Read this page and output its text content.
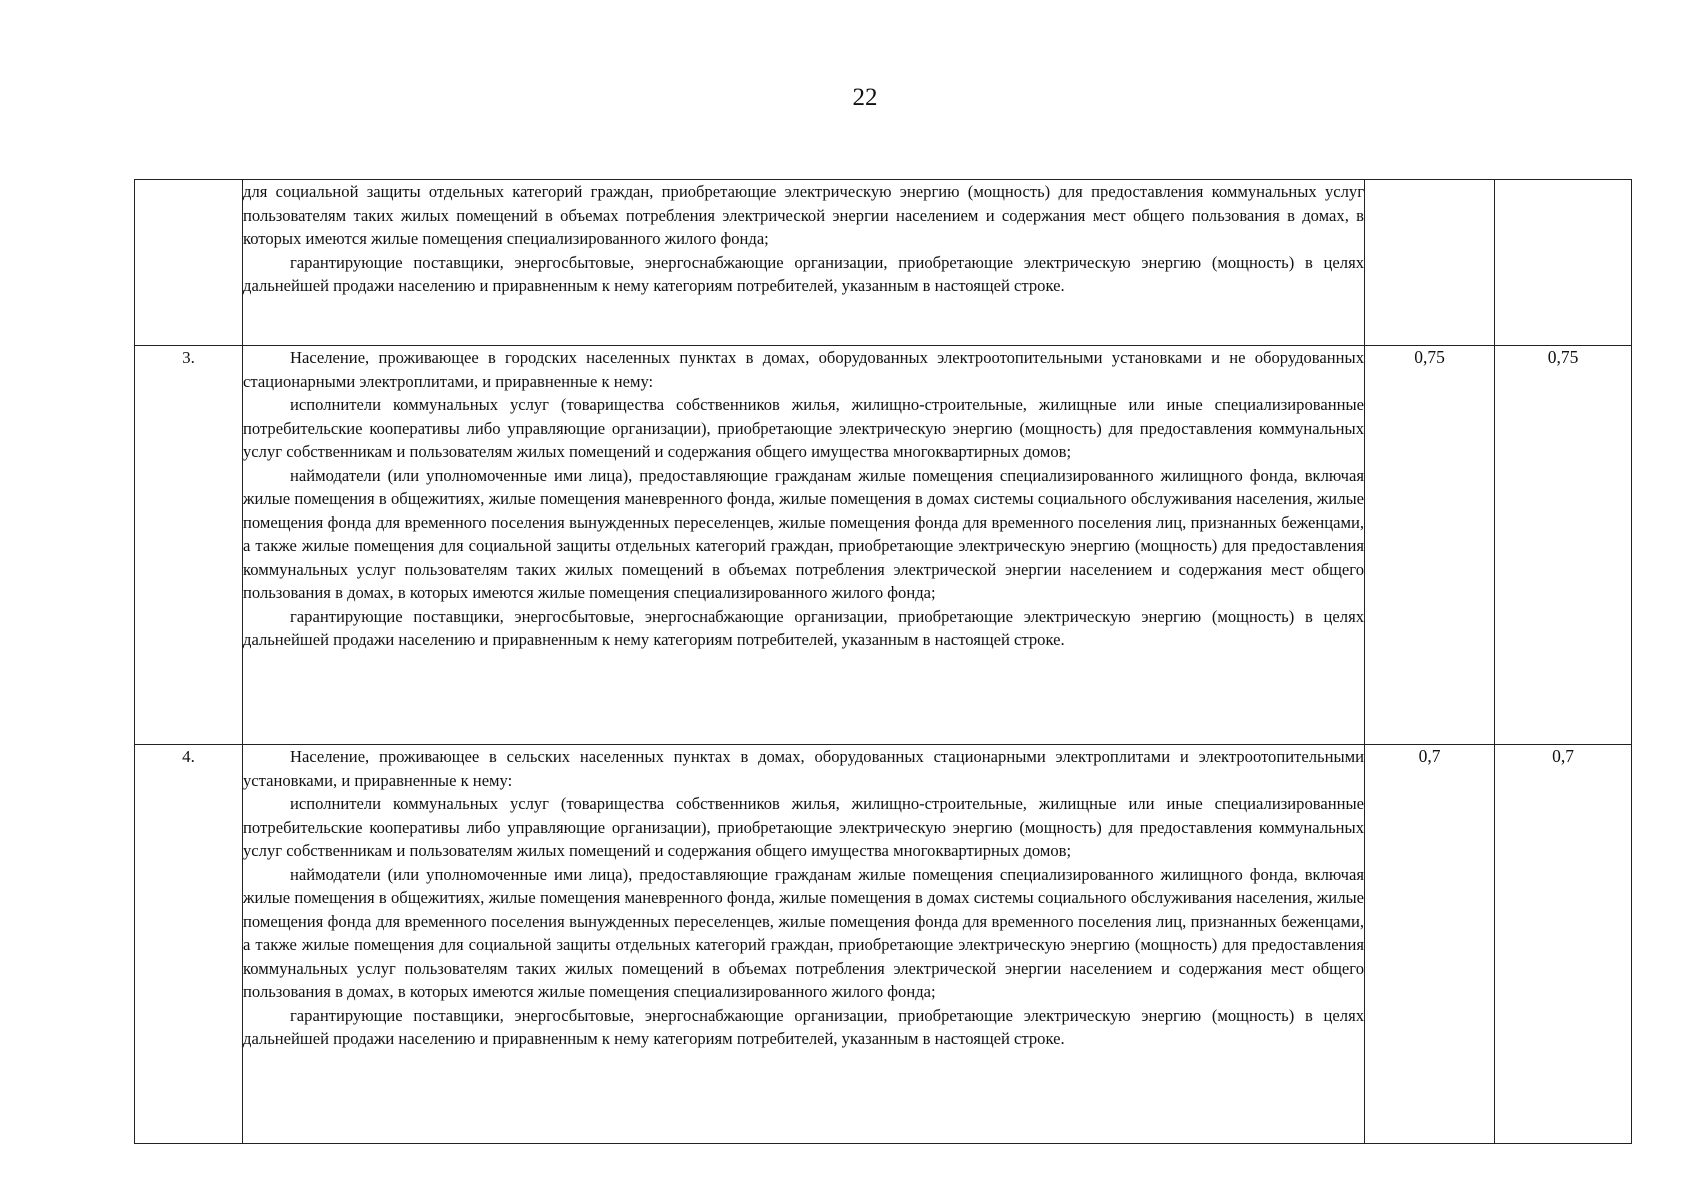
22

	для социальной защиты отдельных категорий граждан, приобретающие электрическую энергию (мощность) для предоставления коммунальных услуг пользователям таких жилых помещений в объемах потребления электрической энергии населением и содержания мест общего пользования в домах, в которых имеются жилые помещения специализированного жилого фонда;

гарантирующие поставщики, энергосбытовые, энергоснабжающие организации, приобретающие электрическую энергию (мощность) в целях дальнейшей продажи населению и приравненным к нему категориям потребителей, указанным в настоящей строке.		

3.	Население, проживающее в городских населенных пунктах в домах, оборудованных электроотопительными установками и не оборудованных стационарными электроплитами, и приравненные к нему:

исполнители коммунальных услуг (товарищества собственников жилья, жилищно-строительные, жилищные или иные специализированные потребительские кооперативы либо управляющие организации), приобретающие электрическую энергию (мощность) для предоставления коммунальных услуг собственникам и пользователям жилых помещений и содержания общего имущества многоквартирных домов;

наймодатели (или уполномоченные ими лица), предоставляющие гражданам жилые помещения специализированного жилищного фонда, включая жилые помещения в общежитиях, жилые помещения маневренного фонда, жилые помещения в домах системы социального обслуживания населения, жилые помещения фонда для временного поселения вынужденных переселенцев, жилые помещения фонда для временного поселения лиц, признанных беженцами, а также жилые помещения для социальной защиты отдельных категорий граждан, приобретающие электрическую энергию (мощность) для предоставления коммунальных услуг пользователям таких жилых помещений в объемах потребления электрической энергии населением и содержания мест общего пользования в домах, в которых имеются жилые помещения специализированного жилого фонда;

гарантирующие поставщики, энергосбытовые, энергоснабжающие организации, приобретающие электрическую энергию (мощность) в целях дальнейшей продажи населению и приравненным к нему категориям потребителей, указанным в настоящей строке.	0,75	0,75
4.	Население, проживающее в сельских населенных пунктах в домах, оборудованных стационарными электроплитами и электроотопительными установками, и приравненные к нему:

исполнители коммунальных услуг (товарищества собственников жилья, жилищно-строительные, жилищные или иные специализированные потребительские кооперативы либо управляющие организации), приобретающие электрическую энергию (мощность) для предоставления коммунальных услуг собственникам и пользователям жилых помещений и содержания общего имущества многоквартирных домов;

наймодатели (или уполномоченные ими лица), предоставляющие гражданам жилые помещения специализированного жилищного фонда, включая жилые помещения в общежитиях, жилые помещения маневренного фонда, жилые помещения в домах системы социального обслуживания населения, жилые помещения фонда для временного поселения вынужденных переселенцев, жилые помещения фонда для временного поселения лиц, признанных беженцами, а также жилые помещения для социальной защиты отдельных категорий граждан, приобретающие электрическую энергию (мощность) для предоставления коммунальных услуг пользователям таких жилых помещений в объемах потребления электрической энергии населением и содержания мест общего пользования в домах, в которых имеются жилые помещения специализированного жилого фонда;

гарантирующие поставщики, энергосбытовые, энергоснабжающие организации, приобретающие электрическую энергию (мощность) в целях дальнейшей продажи населению и приравненным к нему категориям потребителей, указанным в настоящей строке.	0,7	0,7
